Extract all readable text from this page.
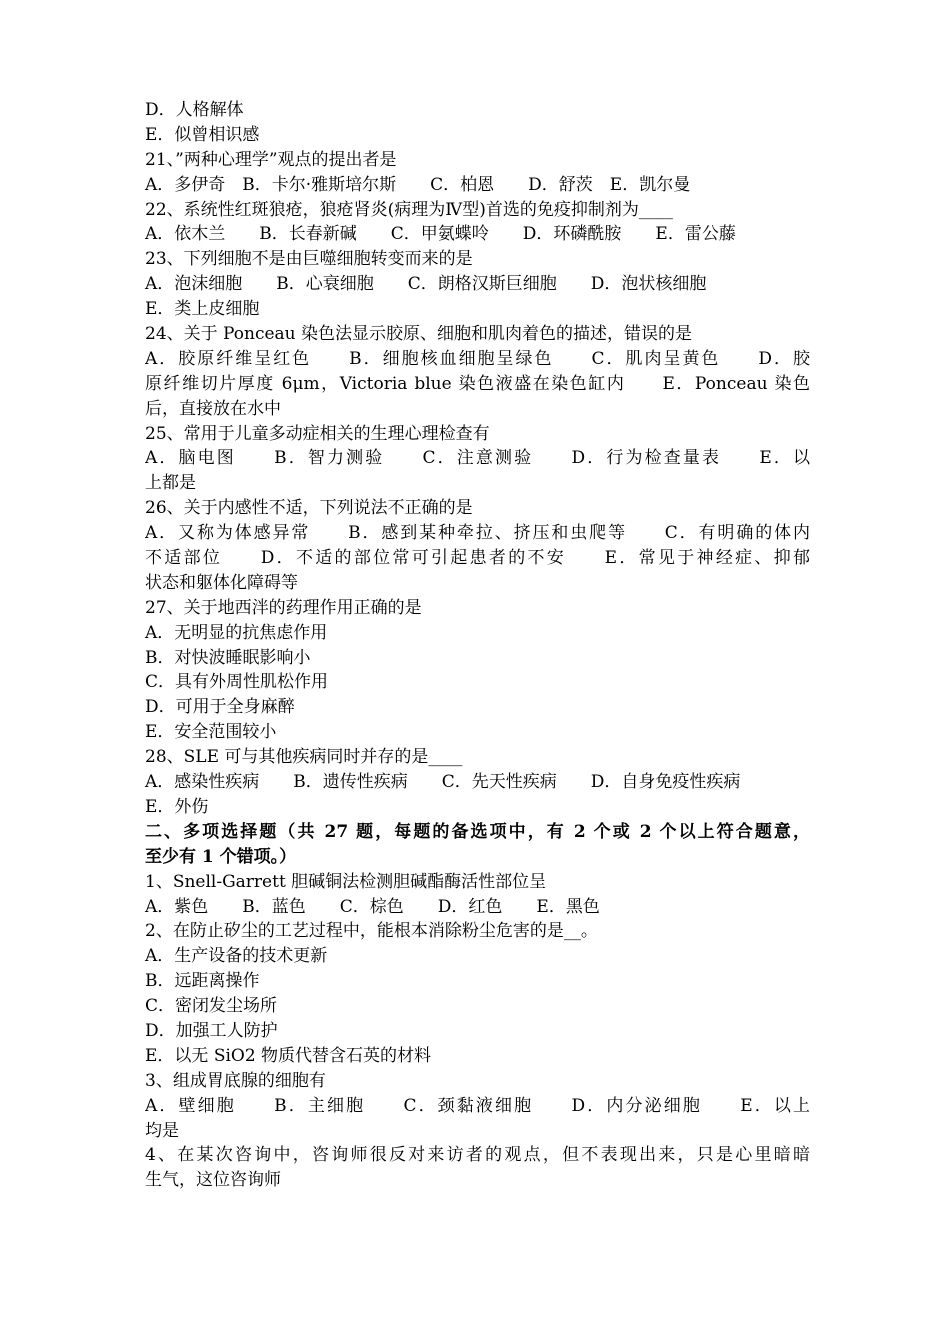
D．人格解体
E．似曾相识感
21、”两种心理学”观点的提出者是
A．多伊奇　B．卡尔·雅斯培尔斯　　C．柏恩　　D．舒茨　E．凯尔曼
22、系统性红斑狼疮，狼疮肾炎(病理为Ⅳ型)首选的免疫抑制剂为____
A．依木兰　　B．长春新碱　　C．甲氨蝶呤　　D．环磷酰胺　　E．雷公藤
23、下列细胞不是由巨噬细胞转变而来的是
A．泡沫细胞　　B．心衰细胞　　C．朗格汉斯巨细胞　　D．泡状核细胞
E．类上皮细胞
24、关于 Ponceau 染色法显示胶原、细胞和肌肉着色的描述，错误的是
A．胶原纤维呈红色　　B．细胞核血细胞呈绿色　　C．肌肉呈黄色　　D．胶
原纤维切片厚度 6μm，Victoria blue 染色液盛在染色缸内　　E．Ponceau 染色
后，直接放在水中
25、常用于儿童多动症相关的生理心理检查有
A．脑电图　　B．智力测验　　C．注意测验　　D．行为检查量表　　E．以
上都是
26、关于内感性不适，下列说法不正确的是
A．又称为体感异常　　B．感到某种牵拉、挤压和虫爬等　　C．有明确的体内
不适部位　　D．不适的部位常可引起患者的不安　　E．常见于神经症、抑郁
状态和躯体化障碍等
27、关于地西泮的药理作用正确的是
A．无明显的抗焦虑作用
B．对快波睡眠影响小
C．具有外周性肌松作用
D．可用于全身麻醉
E．安全范围较小
28、SLE 可与其他疾病同时并存的是____
A．感染性疾病　　B．遗传性疾病　　C．先天性疾病　　D．自身免疫性疾病
E．外伤
二、多项选择题（共 27 题，每题的备选项中，有 2 个或 2 个以上符合题意，
至少有 1 个错项。）
1、Snell-Garrett 胆碱铜法检测胆碱酯酶活性部位呈
A．紫色　　B．蓝色　　C．棕色　　D．红色　　E．黑色
2、在防止矽尘的工艺过程中，能根本消除粉尘危害的是__。
A．生产设备的技术更新
B．远距离操作
C．密闭发尘场所
D．加强工人防护
E．以无 SiO2 物质代替含石英的材料
3、组成胃底腺的细胞有
A．壁细胞　　B．主细胞　　C．颈黏液细胞　　D．内分泌细胞　　E．以上
均是
4、在某次咨询中，咨询师很反对来访者的观点，但不表现出来，只是心里暗暗
生气，这位咨询师
